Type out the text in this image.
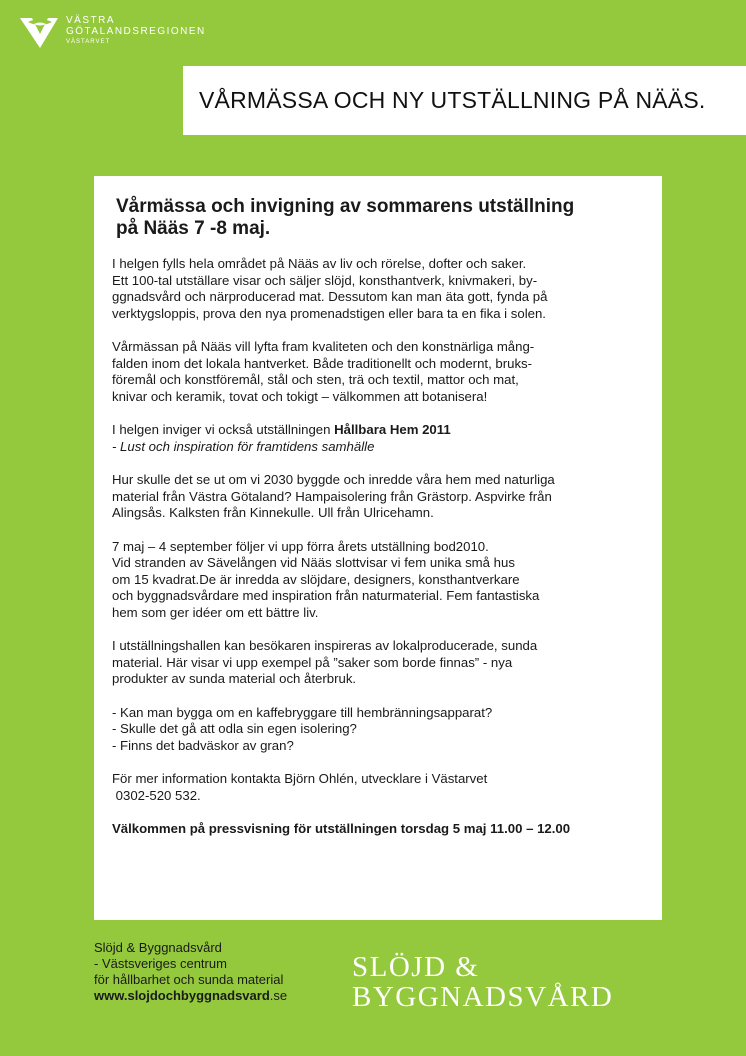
VÄSTRA
GÖTALANDSREGIONEN
VÄSTARVET
VÅRMÄSSA OCH NY UTSTÄLLNING PÅ NÄÄS.
Vårmässa och invigning av sommarens utställning
på Nääs 7 -8 maj.

I helgen fylls hela området på Nääs av liv och rörelse, dofter och saker.
Ett 100-tal utställare visar och säljer slöjd, konsthantverk, knivmakeri, by-
ggnadsvård och närproducerad mat. Dessutom kan man äta gott, fynda på
verktygsloppis, prova den nya promenadstigen eller bara ta en fika i solen.

Vårmässan på Nääs vill lyfta fram kvaliteten och den konstnärliga mång-
falden inom det lokala hantverket. Både traditionellt och modernt, bruks-
föremål och konstföremål, stål och sten, trä och textil, mattor och mat,
knivar och keramik, tovat och tokigt – välkommen att botanisera!

I helgen inviger vi också utställningen Hållbara Hem 2011
- Lust och inspiration för framtidens samhälle

Hur skulle det se ut om vi 2030 byggde och inredde våra hem med naturliga
material från Västra Götaland? Hampaisolering från Grästorp. Aspvirke från
Alingsås. Kalksten från Kinnekulle. Ull från Ulricehamn.

7 maj – 4 september följer vi upp förra årets utställning bod2010.
Vid stranden av Sävelången vid Nääs slottvisar vi fem unika små hus
om 15 kvadrat.De är inredda av slöjdare, designers, konsthantverkare
och byggnadsvårdare med inspiration från naturmaterial. Fem fantastiska
hem som ger idéer om ett bättre liv.

I utställningshallen kan besökaren inspireras av lokalproducerade, sunda
material. Här visar vi upp exempel på ”saker som borde finnas” - nya
produkter av sunda material och återbruk.

- Kan man bygga om en kaffebryggare till hembränningsapparat?
- Skulle det gå att odla sin egen isolering?
- Finns det badväskor av gran?

För mer information kontakta Björn Ohlén, utvecklare i Västarvet
0302-520 532.

Välkommen på pressvisning för utställningen torsdag 5 maj 11.00 – 12.00

Slöjd & Byggnadsvård
- Västsveriges centrum
för hållbarhet och sunda material
www.slojdochbyggnadsvard.se
SLÖJD &
BYGGNADSVÅRD
